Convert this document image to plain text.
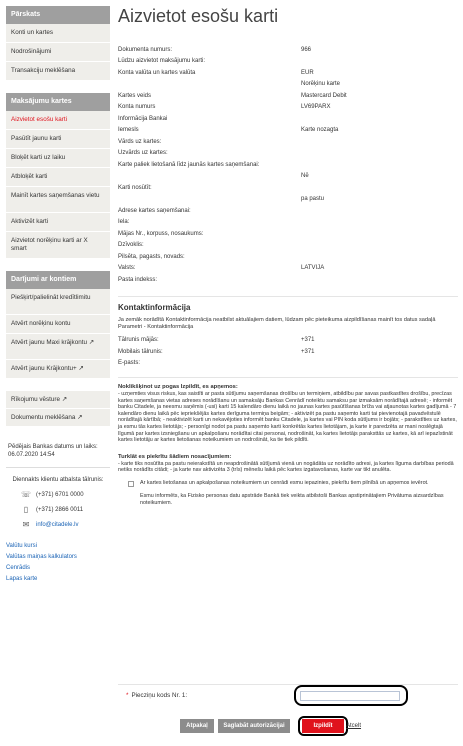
Pārskats
Konti un kartes
Nodrošinājumi
Transakciju meklēšana
Maksājumu kartes
Aizvietot esošu karti
Pasūtīt jaunu karti
Bloķēt karti uz laiku
Atbloķēt karti
Mainīt kartes saņemšanas vietu
Aktivizēt karti
Aizvietot norēķinu karti ar X smart
Darījumi ar kontiem
Piešķirt/palielināt kredītlimitu
Atvērt norēķinu kontu
Atvērt jaunu Maxi krājkontu ↗
Atvērt jaunu Krājkontu+ ↗
Rīkojumu vēsture ↗
Dokumentu meklēšana ↗
Pēdējais Bankas datums un laiks: 06.07.2020 14:54
Diennakts klientu atbalsta tālrunis:
☏ (+371) 6701 0000
▯	(+371) 2866 0011
✉	info@citadele.lv
Valūtu kursi
Valūtas maiņas kalkulators
Cenrādis
Lapas karte
Aizvietot esošu karti
Dokumenta numurs:	966
Lūdzu aizvietot maksājumu karti:
Konta valūta un kartes valūta	EUR
Norēķinu karte
Kartes veids	Mastercard Debit
Konta numurs	LV69PARX
Informācija Bankai
Iemesls	Karte nozagta
Vārds uz kartes:
Uzvārds uz kartes:
Karte paliek lietošanā līdz jaunās kartes saņemšanai:
Nē
Karti nosūtīt:
pa pastu
Adrese kartes saņemšanai:
Iela:
Mājas Nr., korpuss, nosaukums:
Dzīvoklis:
Pilsēta, pagasts, novads:
Valsts:	LATVIJA
Pasta indekss:
Kontaktinformācija
Ja zemāk norādītā Kontaktinformācija neatbilst aktuālajiem datiem, lūdzam pēc pieteikuma aizpildīšanas mainīt tos datus sadaļā Parametri - Kontaktinformācija
Tālrunis mājās:	+371
Mobilais tālrunis:	+371
E-pasts:
Noklikšķinot uz pogas Izpildīt, es apņemos:

- uzņemties visus riskus, kas saistīti ar pasta sūtījumu saņemšanas drošību un termiņiem, atbildību par savas pastkastītes drošību, precīzas kartes saņemšanas vietas adreses norādīšanu un samaksāju Bankas Cenrādī noteiktu samaksu par izmaksām norādītajā adresē; - informēt banku Citadele, ja neesmu saņēmis (-usi) karti 15 kalendāro dienu laikā no jaunas kartes pasūtīšanas brīža vai atjaunotas kartes gadījumā - 7 kalendāro dienu laikā pēc iepriekšējās kartes derīguma termiņa beigām; - aktivizēt pa pastu saņemto karti tai pievienotajā pavadvēstulē norādītajā kārtībā; - neaktivizēt karti un nekavējoties informēt banku Citadele, ja kartes vai PIN koda sūtījums ir bojāts; - parakstīties uz kartes, ja esmu tās kartes lietotājs; - personīgi nodot pa pastu saņemto karti konkrētās kartes lietotājam, ja karte ir paredzēta ar mani noslēgtajā līgumā par kartes izsniegšanu un apkalpošanu norādītai citai personai, nodrošināt, ka kartes lietotājs paraksttās uz kartes, kā arī iepazīstināt kartes lietotāju ar kartes lietošanas noteikumiem un nodrošināt, ka tie tiek pildīti.

Turklāt es piekrītu šādiem nosacījumiem:

- karte tiks nosūtīta pa pastu neierakstītā un neapdrošinātā sūtījumā vienā un nogādāta uz norādīto adresi, ja kartes līguma darbības periodā netiks norādīts citādi; - ja karte nav aktivizēta 3 (trīs) mēnešu laikā pēc kartes izgatavošanas, karte var tikt anulēta.

Ar kartes lietošanas un apkalpošanas noteikumiem un cenrādi esmu iepazinies, piekrītu tiem pilnībā un apņemos ievērot.

Esmu informēts, ka Fizisko personas datu apstrāde Bankā tiek veikta atbilstoši Bankas apstiprinātajiem Privātuma aizsardzības noteikumiem.

* Piecziņu kods Nr. 1:
Atpakaļ	Saglabāt autorizācijai	Izpildīt	Atcelt
